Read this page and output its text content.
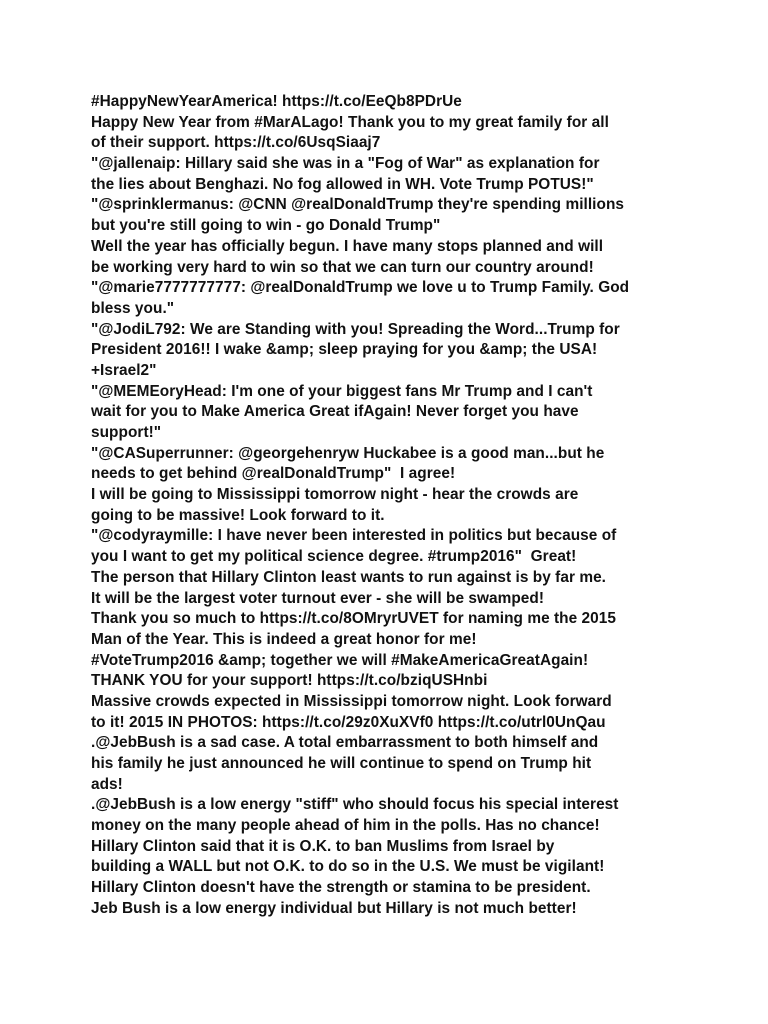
#HappyNewYearAmerica! https://t.co/EeQb8PDrUe

Happy New Year from #MarALago! Thank you to my great family for all

of their support. https://t.co/6UsqSiaaj7

"@jallenaip: Hillary said she was in a "Fog of War" as explanation for

the lies about Benghazi. No fog allowed in WH. Vote Trump POTUS!"

"@sprinklermanus: @CNN @realDonaldTrump they're spending millions

but you're still going to win - go Donald Trump"

Well the year has officially begun. I have many stops planned and will

be working very hard to win so that we can turn our country around!

"@marie7777777777: @realDonaldTrump we love u to Trump Family. God

bless you."

"@JodiL792: We are Standing with you! Spreading the Word...Trump for

President 2016!! I wake &amp; sleep praying for you &amp; the USA!

+Israel2"

"@MEMEoryHead: I'm one of your biggest fans Mr Trump and I can't

wait for you to Make America Great ifAgain! Never forget you have

support!"

"@CASuperrunner: @georgehenryw Huckabee is a good man...but he

needs to get behind @realDonaldTrump"  I agree!

I will be going to Mississippi tomorrow night - hear the crowds are

going to be massive! Look forward to it.

"@codyraymille: I have never been interested in politics but because of

you I want to get my political science degree. #trump2016"  Great!

The person that Hillary Clinton least wants to run against is by far me.

It will be the largest voter turnout ever - she will be swamped!

Thank you so much to https://t.co/8OMryrUVET for naming me the 2015

Man of the Year. This is indeed a great honor for me!

#VoteTrump2016 &amp; together we will #MakeAmericaGreatAgain!

THANK YOU for your support! https://t.co/bziqUSHnbi

Massive crowds expected in Mississippi tomorrow night. Look forward

to it! 2015 IN PHOTOS: https://t.co/29z0XuXVf0 https://t.co/utrl0UnQau

.@JebBush is a sad case. A total embarrassment to both himself and

his family he just announced he will continue to spend on Trump hit

ads!

.@JebBush is a low energy "stiff" who should focus his special interest

money on the many people ahead of him in the polls. Has no chance!

Hillary Clinton said that it is O.K. to ban Muslims from Israel by

building a WALL but not O.K. to do so in the U.S. We must be vigilant!

Hillary Clinton doesn't have the strength or stamina to be president.

Jeb Bush is a low energy individual but Hillary is not much better!
